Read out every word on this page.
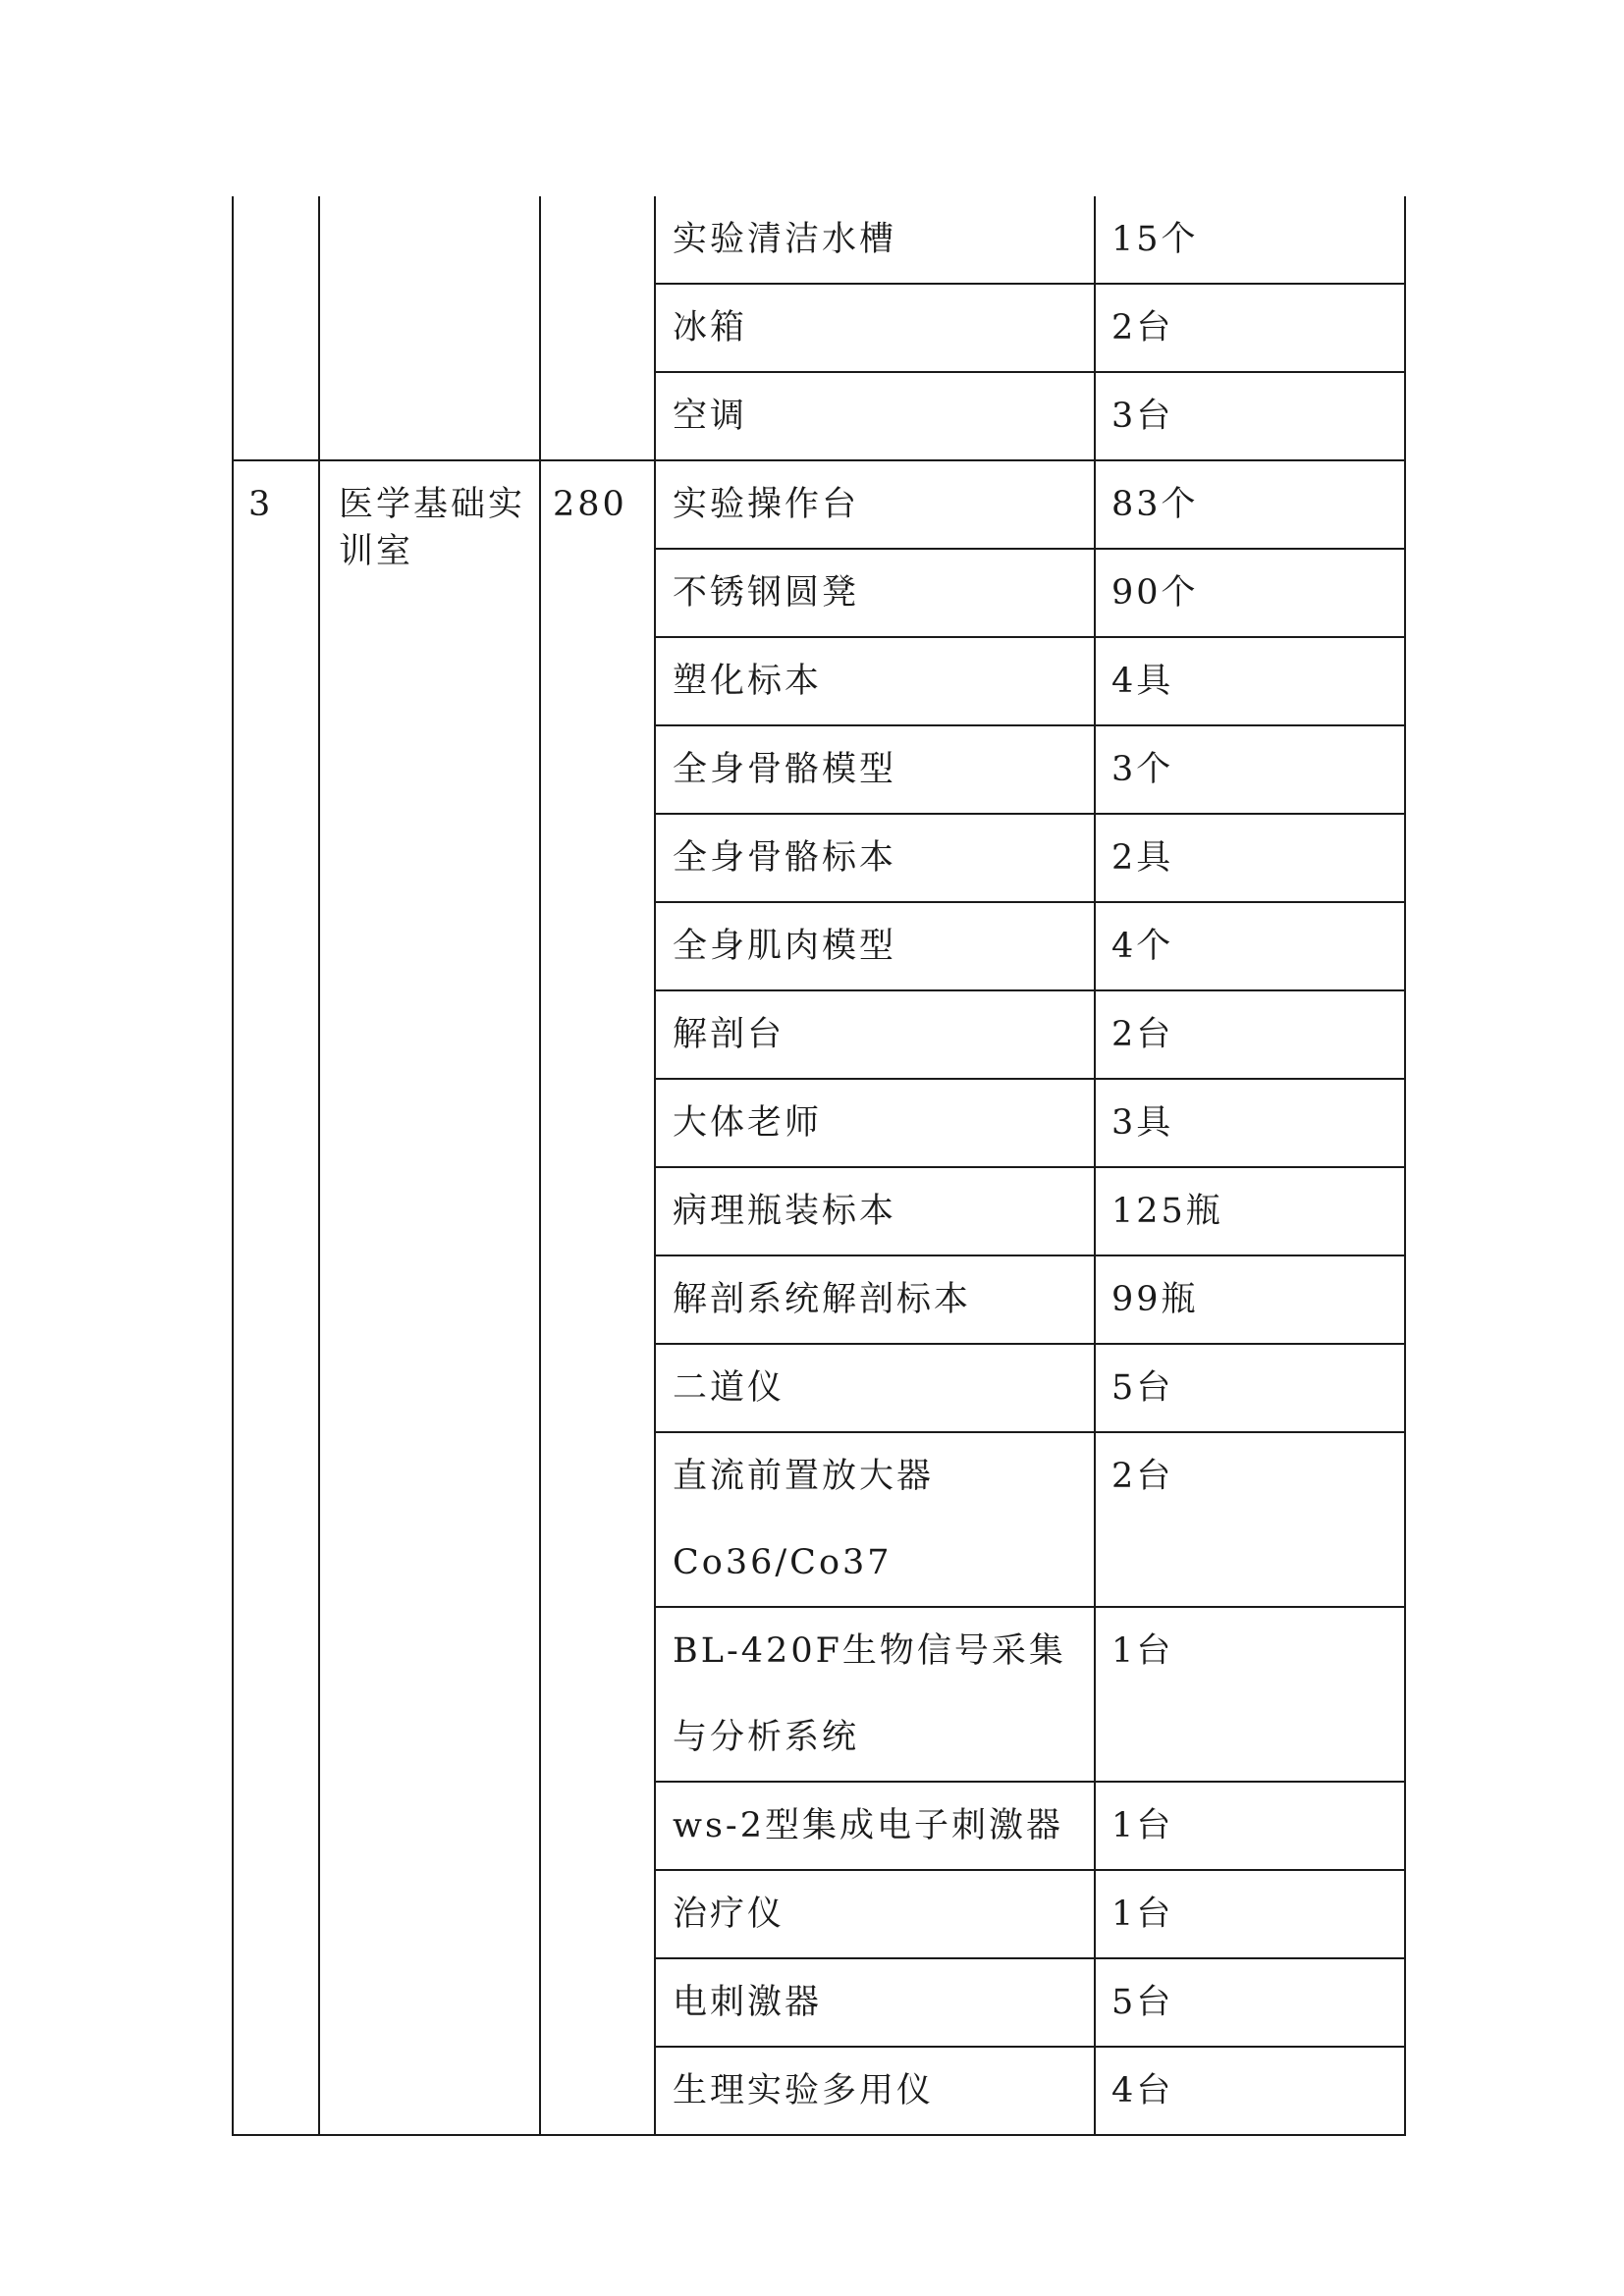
			实验清洁水槽	15个
			冰箱	2台
			空调	3台

3	医学基础实训室	280	实验操作台	83个
			不锈钢圆凳	90个
			塑化标本	4具
			全身骨骼模型	3个
			全身骨骼标本	2具
			全身肌肉模型	4个
			解剖台	2台
			大体老师	3具
			病理瓶装标本	125瓶
			解剖系统解剖标本	99瓶
			二道仪	5台
			直流前置放大器Co36/Co37	2台
			BL-420F生物信号采集与分析系统	1台
			ws-2型集成电子刺激器	1台
			治疗仪	1台
			电刺激器	5台
			生理实验多用仪	4台
